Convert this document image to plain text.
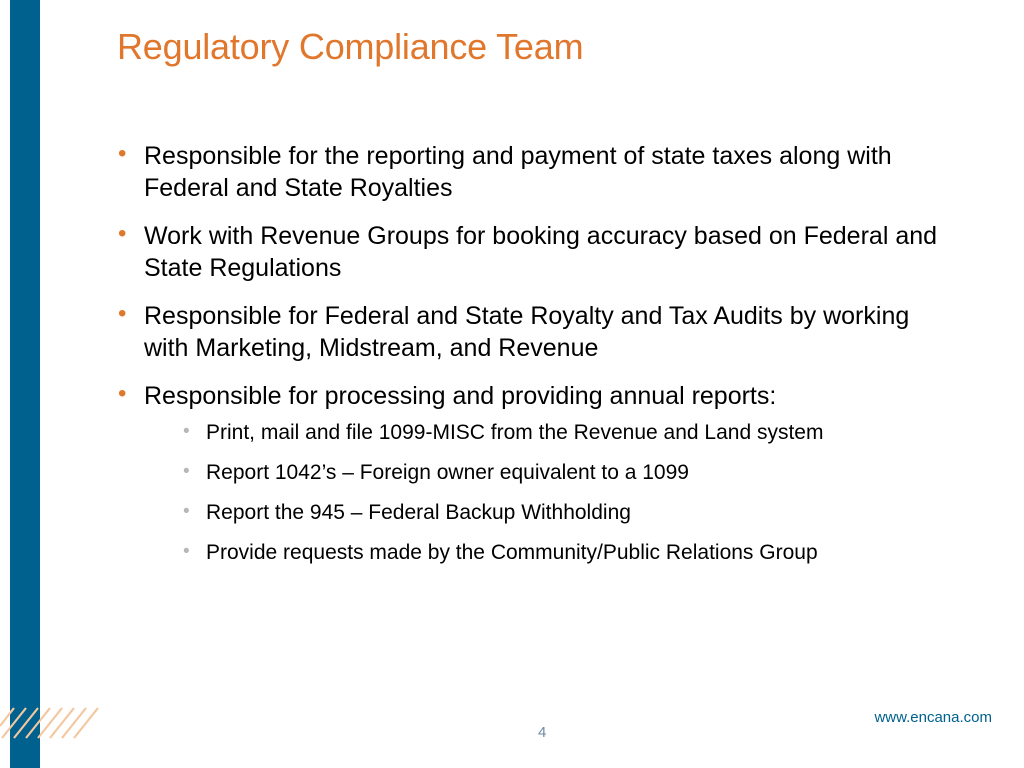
Regulatory Compliance Team
• Responsible for the reporting and payment of state taxes along with Federal and State Royalties
• Work with Revenue Groups for booking accuracy based on Federal and State Regulations
• Responsible for Federal and State Royalty and Tax Audits by working with Marketing, Midstream, and Revenue
• Responsible for processing and providing annual reports:
• Print, mail and file 1099-MISC from the Revenue and Land system
• Report 1042’s – Foreign owner equivalent to a 1099
• Report the 945 – Federal Backup Withholding
• Provide requests made by the Community/Public Relations Group
4
www.encana.com
